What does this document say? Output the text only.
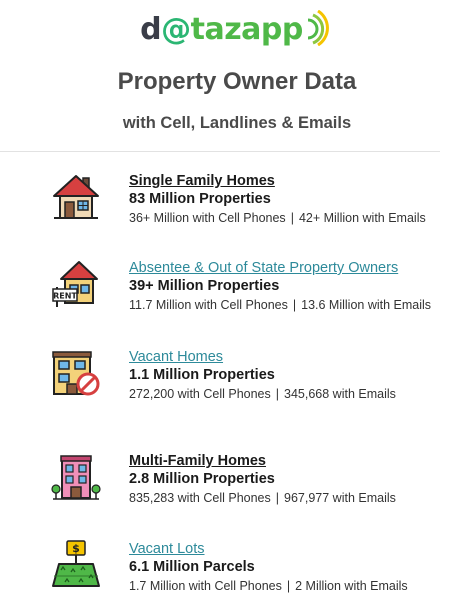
d@tazapp
Property Owner Data
with Cell, Landlines & Emails
Single Family Homes
83 Million Properties
36+ Million with Cell Phones | 42+ Million with Emails
RENT
Absentee & Out of State Property Owners
39+ Million Properties
11.7 Million with Cell Phones | 13.6 Million with Emails
Vacant Homes
1.1 Million Properties
272,200 with Cell Phones | 345,668 with Emails
Multi-Family Homes
2.8 Million Properties
835,283 with Cell Phones | 967,977 with Emails
$	Vacant Lots
6.1 Million Parcels
1.7 Million with Cell Phones | 2 Million with Emails
